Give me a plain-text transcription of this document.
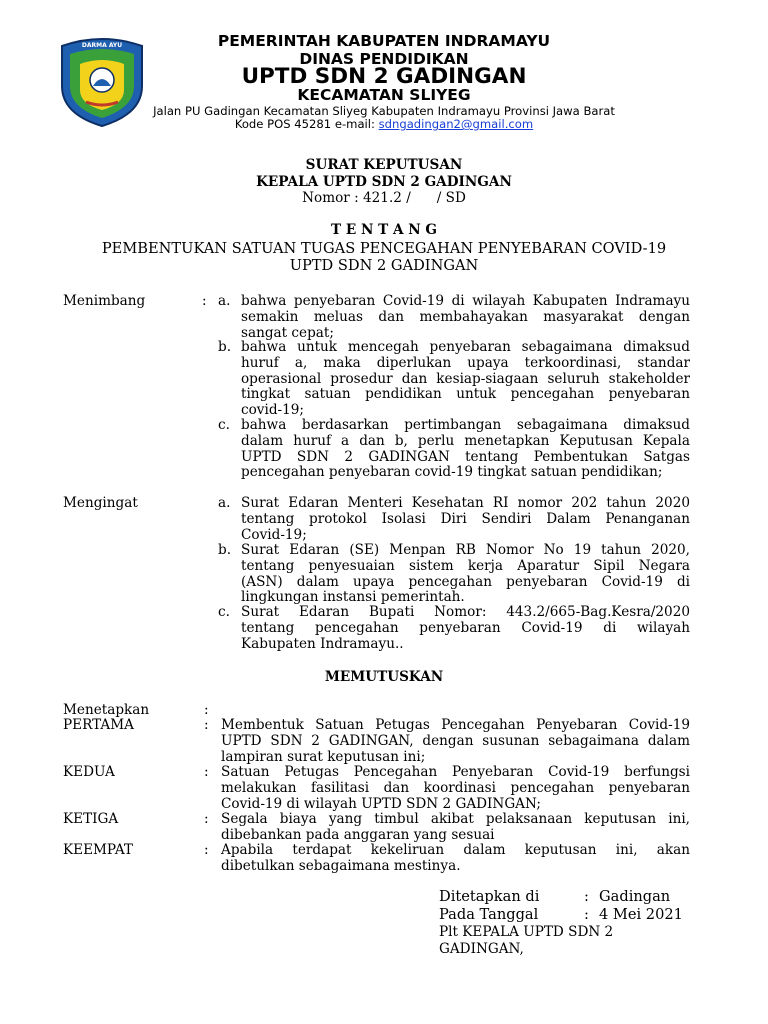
DARMA AYU	PEMERINTAH KABUPATEN INDRAMAYU
DINAS PENDIDIKAN
UPTD SDN 2 GADINGAN
KECAMATAN SLIYEG
Jalan PU Gadingan Kecamatan Sliyeg Kabupaten Indramayu Provinsi Jawa Barat
Kode POS 45281 e-mail: sdngadingan2@gmail.com
SURAT KEPUTUSAN
KEPALA UPTD SDN 2 GADINGAN
Nomor : 421.2 /      / SD
T E N T A N G
PEMBENTUKAN SATUAN TUGAS PENCEGAHAN PENYEBARAN COVID-19
UPTD SDN 2 GADINGAN
Menimbang	: a. bahwa penyebaran Covid-19 di wilayah Kabupaten Indramayu
semakin meluas dan membahayakan masyarakat dengan
sangat cepat;
b. bahwa untuk mencegah penyebaran sebagaimana dimaksud
huruf a, maka diperlukan upaya terkoordinasi, standar
operasional prosedur dan kesiap-siagaan seluruh stakeholder
tingkat satuan pendidikan untuk pencegahan penyebaran
covid-19;
c. bahwa berdasarkan pertimbangan sebagaimana dimaksud
dalam huruf a dan b, perlu menetapkan Keputusan Kepala
UPTD SDN 2 GADINGAN tentang Pembentukan Satgas
pencegahan penyebaran covid-19 tingkat satuan pendidikan;
Mengingat	a. Surat Edaran Menteri Kesehatan RI nomor 202 tahun 2020
tentang protokol Isolasi Diri Sendiri Dalam Penanganan
Covid-19;
b. Surat Edaran (SE) Menpan RB Nomor No 19 tahun 2020,
tentang penyesuaian sistem kerja Aparatur Sipil Negara
(ASN) dalam upaya pencegahan penyebaran Covid-19 di
lingkungan instansi pemerintah.
c. Surat Edaran Bupati Nomor: 443.2/665-Bag.Kesra/2020
tentang pencegahan penyebaran Covid-19 di wilayah
Kabupaten Indramayu..
MEMUTUSKAN
Menetapkan	:
PERTAMA	: Membentuk Satuan Petugas Pencegahan Penyebaran Covid-19
UPTD SDN 2 GADINGAN, dengan susunan sebagaimana dalam
lampiran surat keputusan ini;
KEDUA	: Satuan Petugas Pencegahan Penyebaran Covid-19 berfungsi
melakukan fasilitasi dan koordinasi pencegahan penyebaran
Covid-19 di wilayah UPTD SDN 2 GADINGAN;
KETIGA	: Segala biaya yang timbul akibat pelaksanaan keputusan ini,
dibebankan pada anggaran yang sesuai
KEEMPAT	: Apabila terdapat kekeliruan dalam keputusan ini, akan
dibetulkan sebagaimana mestinya.
Ditetapkan di	: Gadingan
Pada Tanggal	: 4 Mei 2021
Plt KEPALA UPTD SDN 2
GADINGAN,
